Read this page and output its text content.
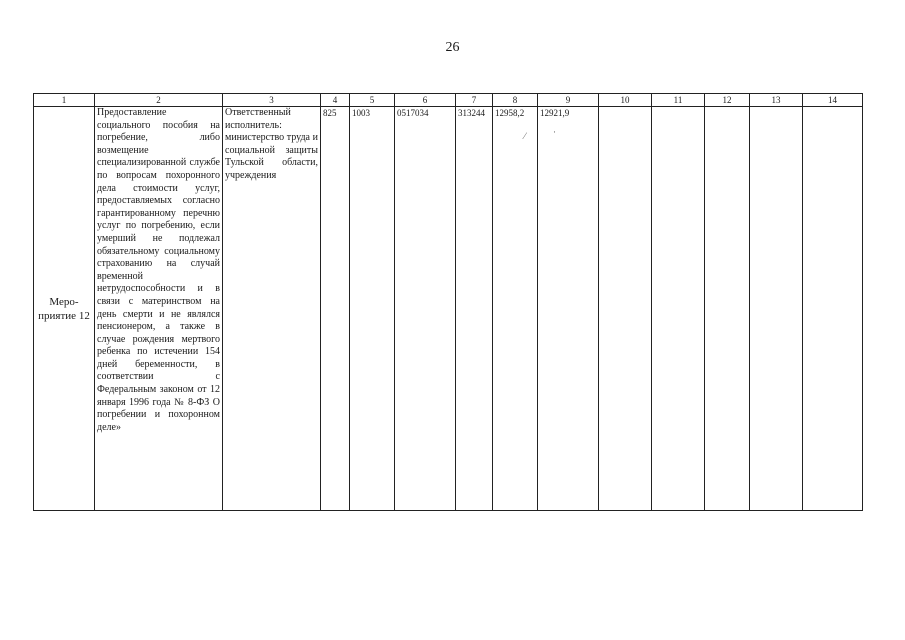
26
1	2	3	4	5	6	7	8	9	10	11	12	13	14
Меро-
приятие 12	Предоставление социального пособия на погребение, либо возмещение специализированной службе по вопросам похоронного дела стоимости услуг, предоставляемых согласно гарантированному перечню услуг по погребению, если умерший не подлежал обязательному социальному страхованию на случай временной нетрудоспособности и в связи с материнством на день смерти и не являлся пенсионером, а также в случае рождения мертвого ребенка по истечении 154 дней беременности, в соответствии с Федеральным законом от 12 января 1996 года № 8-ФЗ О погребении и похоронном деле»	Ответственный исполнитель: министерство труда и социальной защиты Тульской области, учреждения	825	1003	0517034	313244	12958,2	12921,9					
⁄	·
